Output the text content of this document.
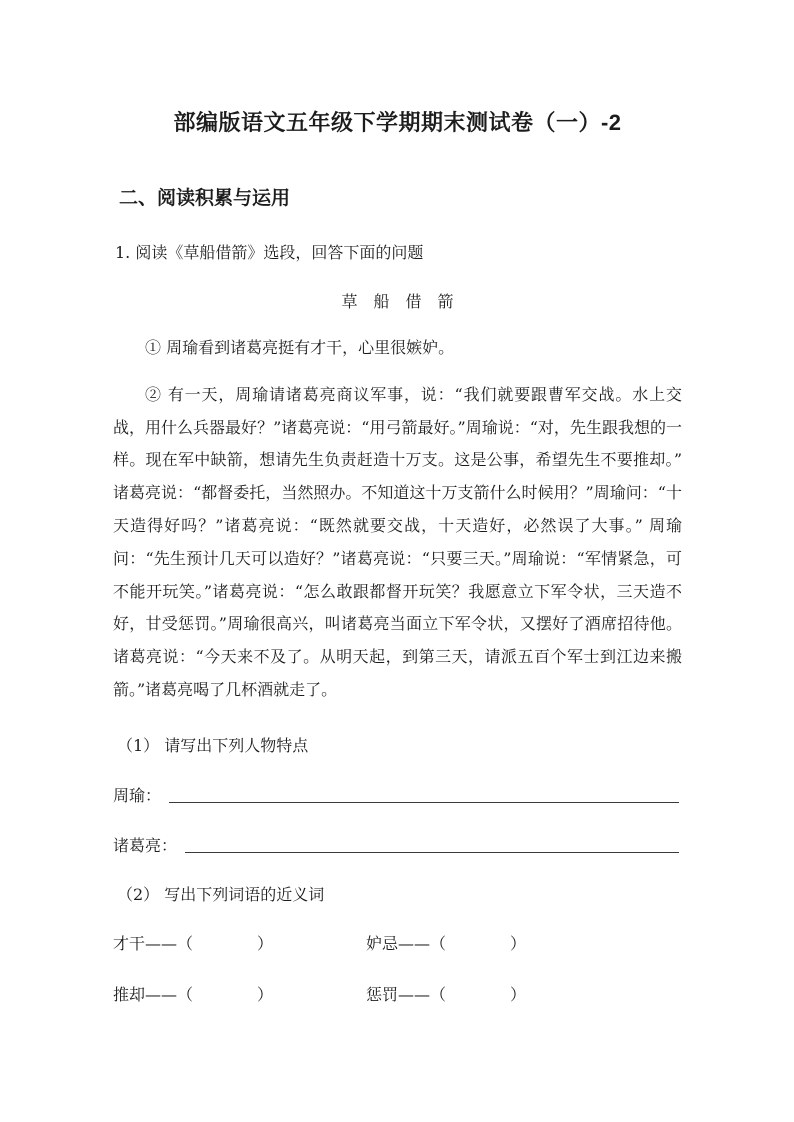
部编版语文五年级下学期期末测试卷（一）-2
二、阅读积累与运用

1. 阅读《草船借箭》选段，回答下面的问题

草　船　借　箭

① 周瑜看到诸葛亮挺有才干，心里很嫉妒。

② 有一天，周瑜请诸葛亮商议军事，说：“我们就要跟曹军交战。水上交战，用什么兵器最好？”诸葛亮说：“用弓箭最好。”周瑜说：“对，先生跟我想的一样。现在军中缺箭，想请先生负责赶造十万支。这是公事，希望先生不要推却。” 诸葛亮说：“都督委托，当然照办。不知道这十万支箭什么时候用？”周瑜问：“十天造得好吗？”诸葛亮说：“既然就要交战，十天造好，必然误了大事。” 周瑜问：“先生预计几天可以造好？”诸葛亮说：“只要三天。”周瑜说：“军情紧急，可不能开玩笑。”诸葛亮说：“怎么敢跟都督开玩笑？我愿意立下军令状，三天造不好，甘受惩罚。”周瑜很高兴，叫诸葛亮当面立下军令状，又摆好了酒席招待他。诸葛亮说：“今天来不及了。从明天起，到第三天，请派五百个军士到江边来搬箭。”诸葛亮喝了几杯酒就走了。

（1） 请写出下列人物特点

周瑜：
诸葛亮：

（2） 写出下列词语的近义词

才干——（　　　　）	妒忌——（　　　　）
推却——（　　　　）	惩罚——（　　　　）
